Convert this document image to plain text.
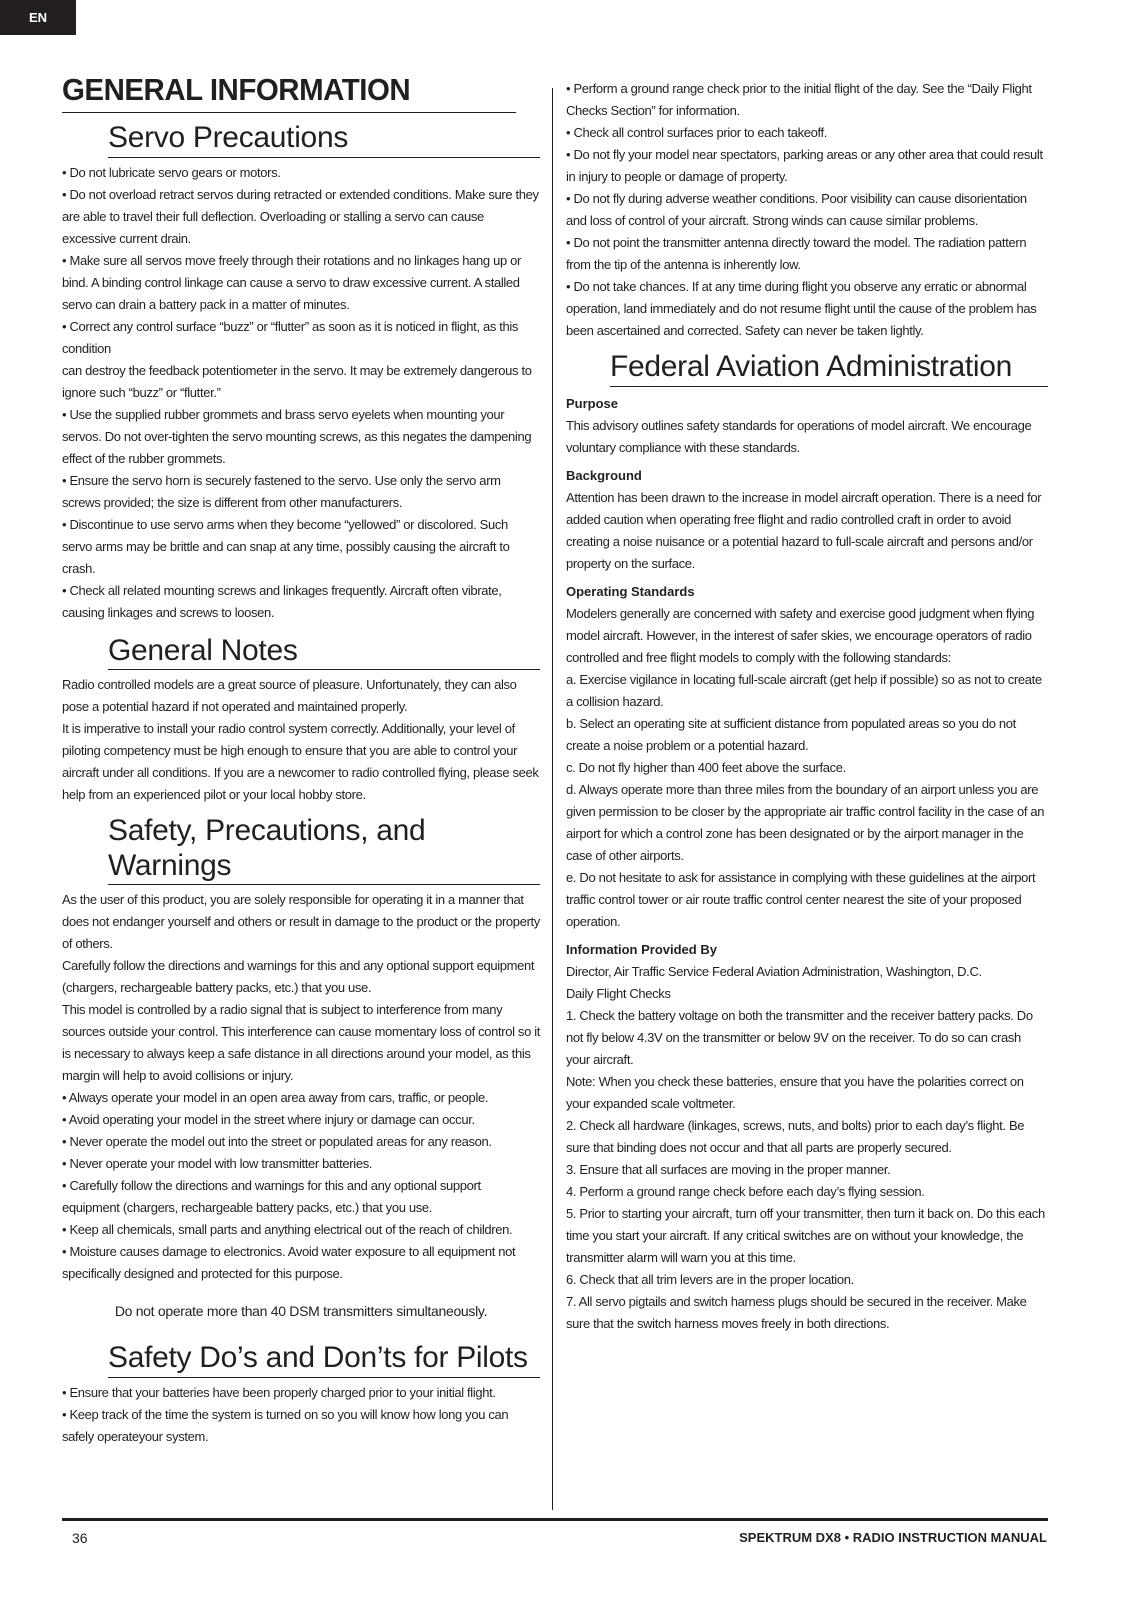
EN
GENERAL INFORMATION
Servo Precautions

• Do not lubricate servo gears or motors.

• Do not overload retract servos during retracted or extended conditions. Make sure they are able to travel their full deflection. Overloading or stalling a servo can cause excessive current drain.

• Make sure all servos move freely through their rotations and no linkages hang up or bind. A binding control linkage can cause a servo to draw excessive current. A stalled servo can drain a battery pack in a matter of minutes.

• Correct any control surface “buzz” or “flutter” as soon as it is noticed in flight, as this condition

can destroy the feedback potentiometer in the servo. It may be extremely dangerous to ignore such “buzz” or “flutter.”

• Use the supplied rubber grommets and brass servo eyelets when mounting your servos. Do not over-tighten the servo mounting screws, as this negates the dampening effect of the rubber grommets.

• Ensure the servo horn is securely fastened to the servo. Use only the servo arm screws provided; the size is different from other manufacturers.

• Discontinue to use servo arms when they become “yellowed” or discolored. Such servo arms may be brittle and can snap at any time, possibly causing the aircraft to crash.

• Check all related mounting screws and linkages frequently. Aircraft often vibrate, causing linkages and screws to loosen.

General Notes

Radio controlled models are a great source of pleasure. Unfortunately, they can also pose a potential hazard if not operated and maintained properly.

It is imperative to install your radio control system correctly. Additionally, your level of piloting competency must be high enough to ensure that you are able to control your aircraft under all conditions. If you are a newcomer to radio controlled flying, please seek help from an experienced pilot or your local hobby store.

Safety, Precautions, and Warnings

As the user of this product, you are solely responsible for operating it in a manner that does not endanger yourself and others or result in damage to the product or the property of others.

Carefully follow the directions and warnings for this and any optional support equipment (chargers, rechargeable battery packs, etc.) that you use.

This model is controlled by a radio signal that is subject to interference from many sources outside your control. This interference can cause momentary loss of control so it is necessary to always keep a safe distance in all directions around your model, as this margin will help to avoid collisions or injury.

• Always operate your model in an open area away from cars, traffic, or people.

• Avoid operating your model in the street where injury or damage can occur.

• Never operate the model out into the street or populated areas for any reason.

• Never operate your model with low transmitter batteries.

• Carefully follow the directions and warnings for this and any optional support equipment (chargers, rechargeable battery packs, etc.) that you use.

• Keep all chemicals, small parts and anything electrical out of the reach of children.

• Moisture causes damage to electronics. Avoid water exposure to all equipment not specifically designed and protected for this purpose.

Do not operate more than 40 DSM transmitters simultaneously.

Safety Do’s and Don’ts for Pilots

• Ensure that your batteries have been properly charged prior to your initial flight.

• Keep track of the time the system is turned on so you will know how long you can safely operateyour system.

• Perform a ground range check prior to the initial flight of the day. See the “Daily Flight Checks Section” for information.

• Check all control surfaces prior to each takeoff.

• Do not fly your model near spectators, parking areas or any other area that could result in injury to people or damage of property.

• Do not fly during adverse weather conditions. Poor visibility can cause disorientation and loss of control of your aircraft. Strong winds can cause similar problems.

• Do not point the transmitter antenna directly toward the model. The radiation pattern from the tip of the antenna is inherently low.

• Do not take chances. If at any time during flight you observe any erratic or abnormal operation, land immediately and do not resume flight until the cause of the problem has been ascertained and corrected. Safety can never be taken lightly.

Federal Aviation Administration

Purpose

This advisory outlines safety standards for operations of model aircraft. We encourage voluntary compliance with these standards.

Background

Attention has been drawn to the increase in model aircraft operation. There is a need for added caution when operating free flight and radio controlled craft in order to avoid creating a noise nuisance or a potential hazard to full-scale aircraft and persons and/or property on the surface.

Operating Standards

Modelers generally are concerned with safety and exercise good judgment when flying model aircraft. However, in the interest of safer skies, we encourage operators of radio controlled and free flight models to comply with the following standards:

a. Exercise vigilance in locating full-scale aircraft (get help if possible) so as not to create a collision hazard.

b. Select an operating site at sufficient distance from populated areas so you do not create a noise problem or a potential hazard.

c. Do not fly higher than 400 feet above the surface.

d. Always operate more than three miles from the boundary of an airport unless you are given permission to be closer by the appropriate air traffic control facility in the case of an airport for which a control zone has been designated or by the airport manager in the case of other airports.

e. Do not hesitate to ask for assistance in complying with these guidelines at the airport traffic control tower or air route traffic control center nearest the site of your proposed operation.

Information Provided By

Director, Air Traffic Service Federal Aviation Administration, Washington, D.C.

Daily Flight Checks

1. Check the battery voltage on both the transmitter and the receiver battery packs. Do not fly below 4.3V on the transmitter or below 9V on the receiver. To do so can crash your aircraft.

Note: When you check these batteries, ensure that you have the polarities correct on your expanded scale voltmeter.

2. Check all hardware (linkages, screws, nuts, and bolts) prior to each day’s flight. Be sure that binding does not occur and that all parts are properly secured.

3. Ensure that all surfaces are moving in the proper manner.

4. Perform a ground range check before each day’s flying session.

5. Prior to starting your aircraft, turn off your transmitter, then turn it back on. Do this each time you start your aircraft. If any critical switches are on without your knowledge, the transmitter alarm will warn you at this time.

6. Check that all trim levers are in the proper location.

7. All servo pigtails and switch harness plugs should be secured in the receiver. Make sure that the switch harness moves freely in both directions.

36	SPEKTRUM DX8 • RADIO INSTRUCTION MANUAL
